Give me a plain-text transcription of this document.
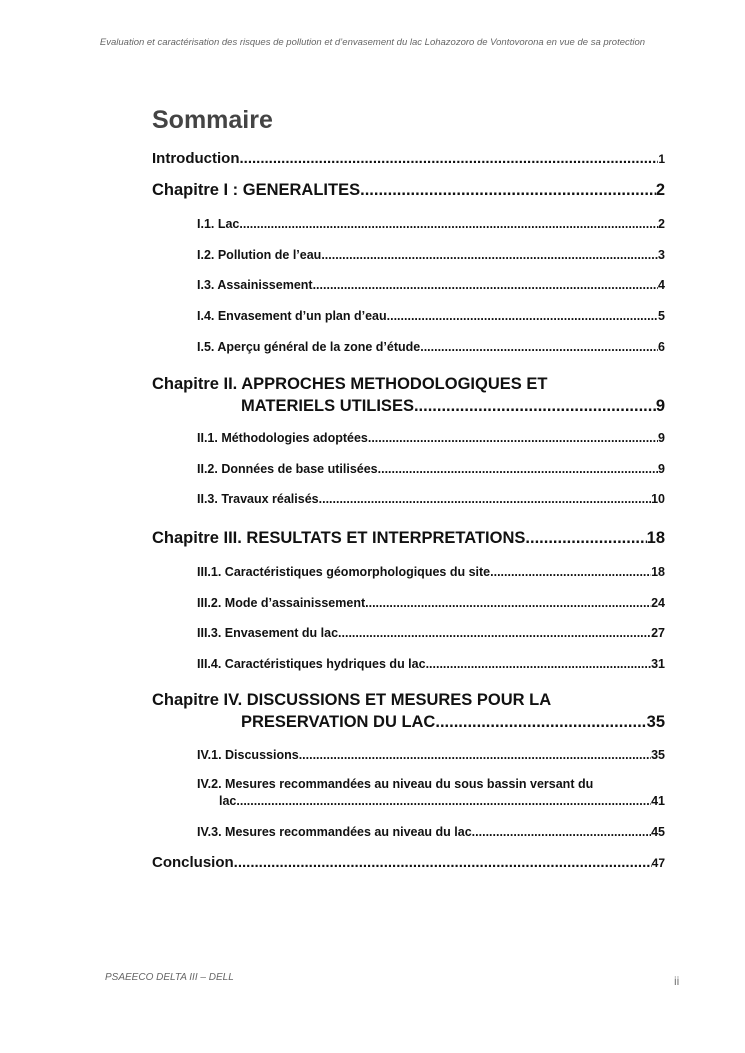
Evaluation et caractérisation des risques de pollution et d’envasement du lac Lohazozoro de Vontovorona en vue de sa protection
Sommaire
Introduction .....	1
Chapitre I : GENERALITES .....	2
I.1. Lac .....	2
I.2. Pollution de l’eau .....	3
I.3. Assainissement .....	4
I.4. Envasement d’un plan d’eau .....	5
I.5. Aperçu général de la zone d’étude .....	6
Chapitre II. APPROCHES METHODOLOGIQUES ET
MATERIELS UTILISES .....	9
II.1. Méthodologies adoptées .....	9
II.2. Données de base utilisées .....	9
II.3. Travaux réalisés .....	10
Chapitre III. RESULTATS ET INTERPRETATIONS .....	18
III.1. Caractéristiques géomorphologiques du site .....	18
III.2. Mode d’assainissement .....	24
III.3. Envasement du lac .....	27
III.4. Caractéristiques hydriques du lac .....	31
Chapitre IV. DISCUSSIONS ET MESURES POUR LA
PRESERVATION DU LAC .....	35
IV.1. Discussions .....	35
IV.2. Mesures recommandées au niveau du sous bassin versant du
lac .....	41
IV.3. Mesures recommandées au niveau du lac .....	45
Conclusion .....	47
PSAEECO DELTA III – DELL	ii
